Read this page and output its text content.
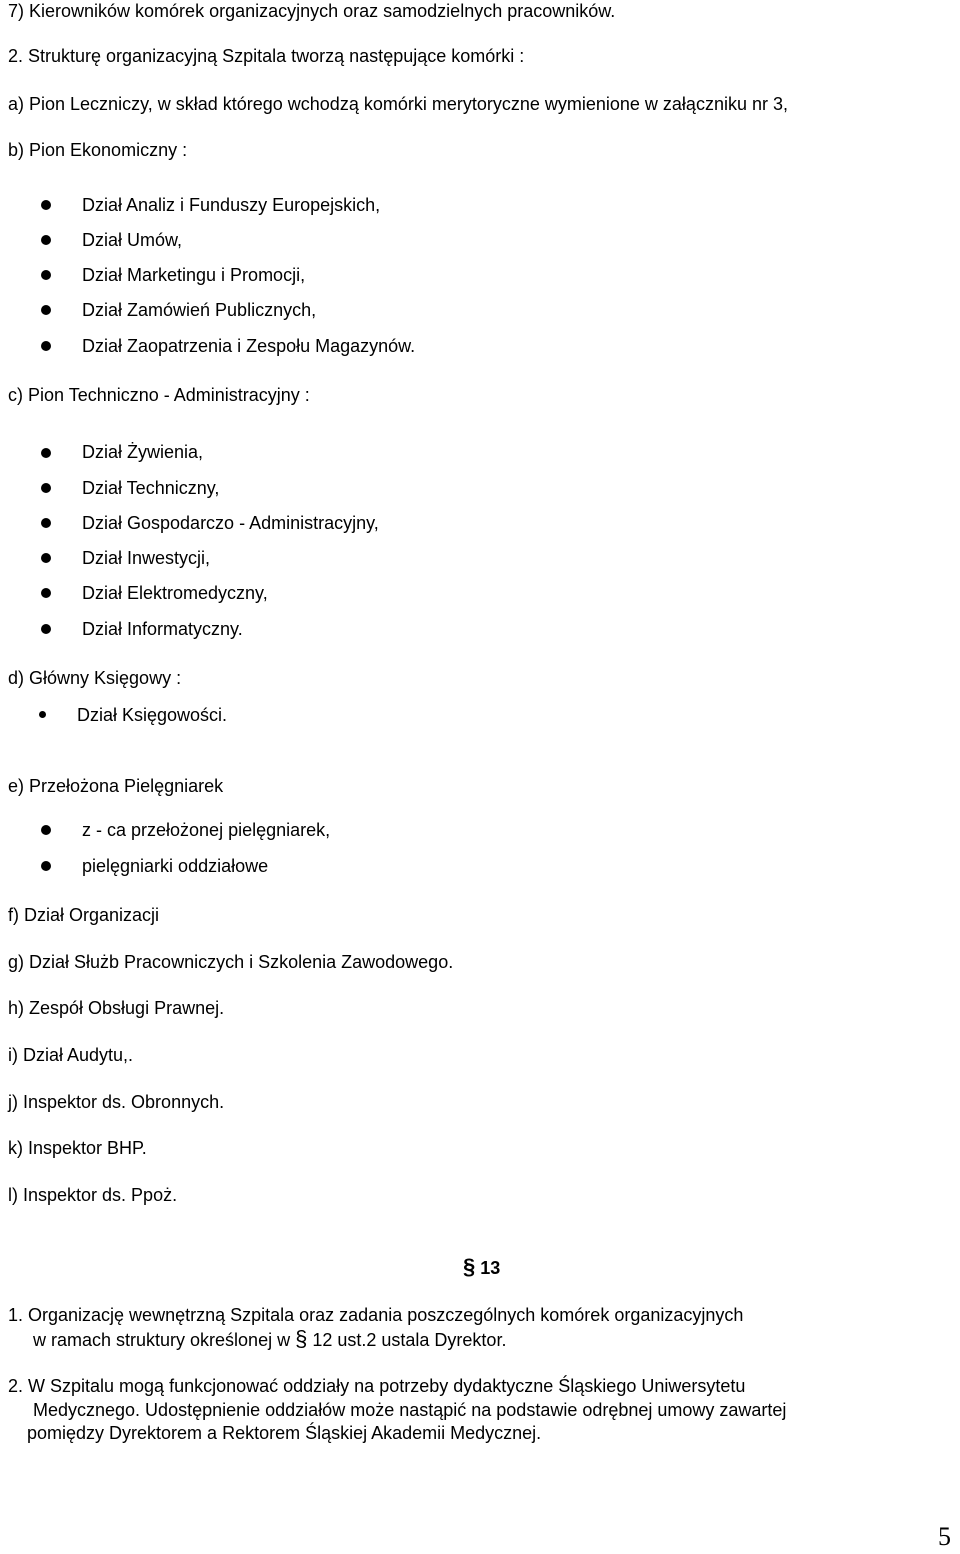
7) Kierowników komórek organizacyjnych oraz samodzielnych pracowników.
2. Strukturę organizacyjną Szpitala tworzą następujące komórki :
a) Pion Leczniczy, w skład którego wchodzą komórki merytoryczne wymienione w załączniku nr 3,
b) Pion Ekonomiczny :
Dział Analiz i Funduszy Europejskich,
Dział Umów,
Dział Marketingu i Promocji,
Dział Zamówień Publicznych,
Dział Zaopatrzenia i Zespołu Magazynów.
c) Pion Techniczno - Administracyjny :
Dział Żywienia,
Dział Techniczny,
Dział Gospodarczo - Administracyjny,
Dział Inwestycji,
Dział Elektromedyczny,
Dział Informatyczny.
d) Główny Księgowy :
Dział Księgowości.
e) Przełożona Pielęgniarek
z - ca przełożonej pielęgniarek,
pielęgniarki oddziałowe
f) Dział Organizacji
g) Dział Służb Pracowniczych i Szkolenia Zawodowego.
h) Zespół Obsługi Prawnej.
i) Dział Audytu,.
j) Inspektor ds. Obronnych.
k) Inspektor BHP.
l) Inspektor ds. Ppoż.
§ 13
1. Organizację wewnętrzną Szpitala oraz zadania poszczególnych komórek organizacyjnych
w ramach struktury określonej w § 12 ust.2 ustala Dyrektor.
2. W Szpitalu mogą funkcjonować oddziały na potrzeby dydaktyczne Śląskiego Uniwersytetu
Medycznego. Udostępnienie oddziałów może nastąpić na podstawie odrębnej umowy zawartej
pomiędzy Dyrektorem a Rektorem Śląskiej Akademii Medycznej.
5
